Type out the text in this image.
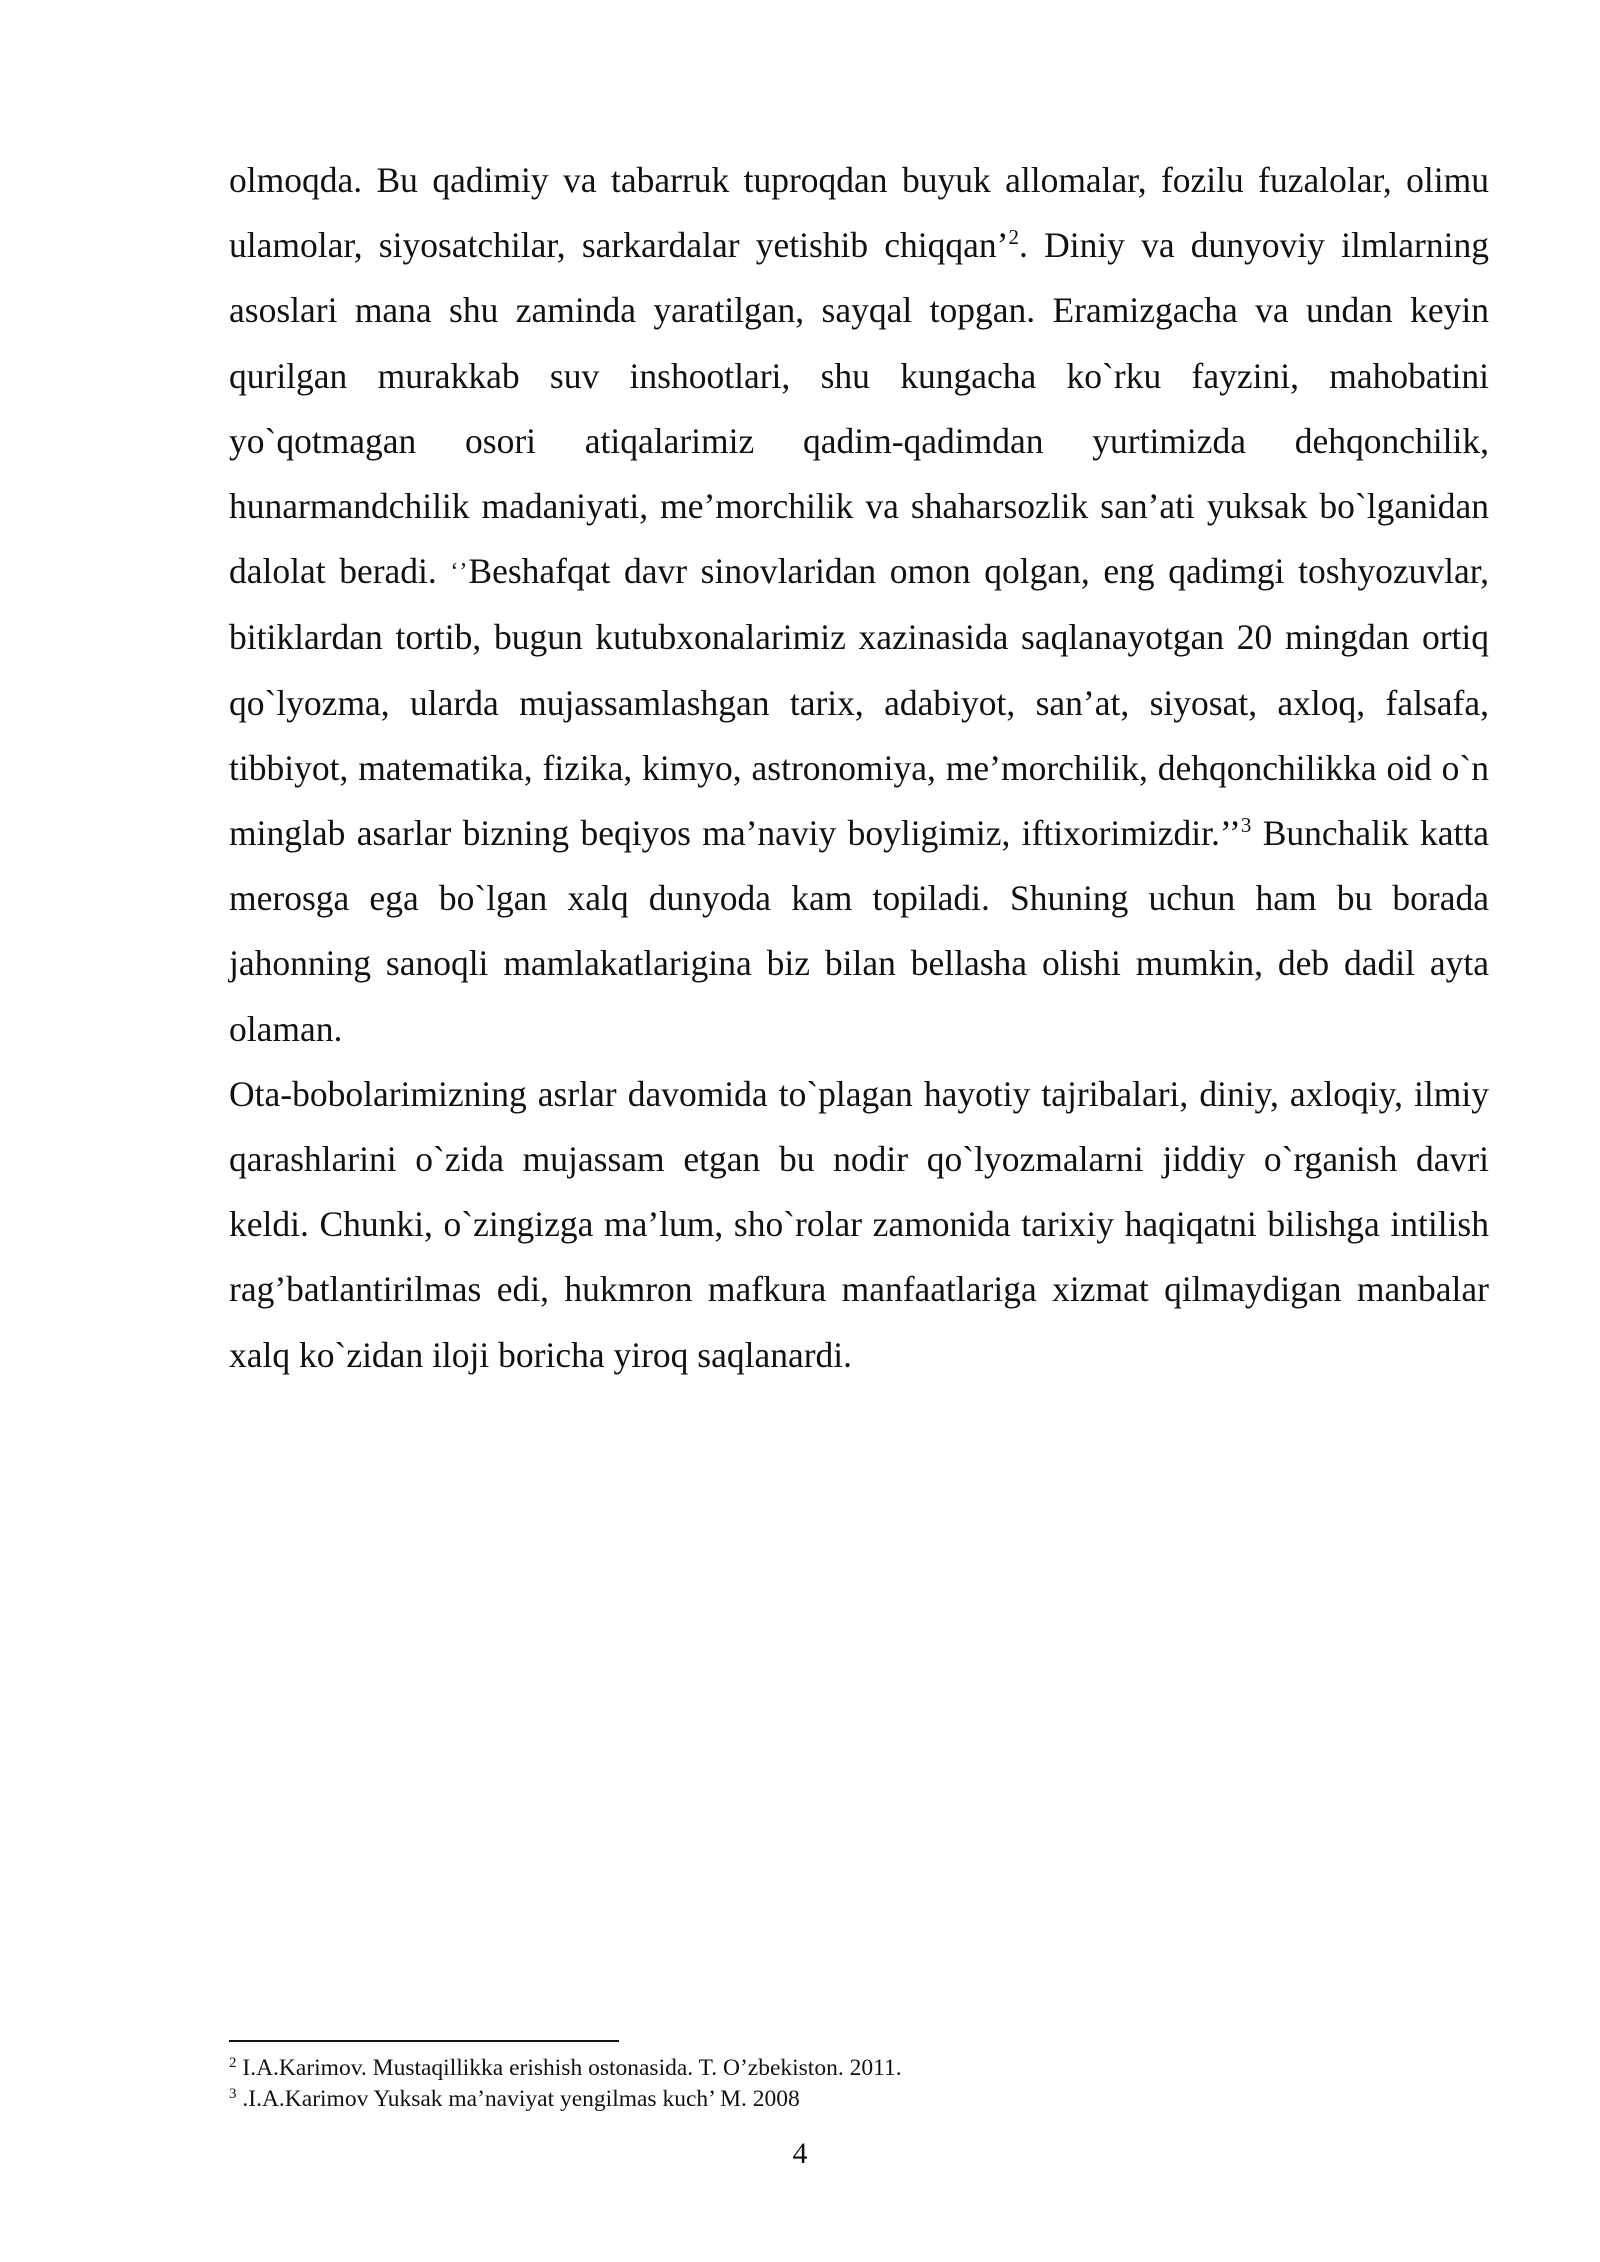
olmoqda. Bu qadimiy va tabarruk tuproqdan buyuk allomalar, fozilu fuzalolar, olimu ulamolar, siyosatchilar, sarkardalar yetishib chiqqan’$^2$. Diniy va dunyoviy ilmlarning asoslari mana shu zaminda yaratilgan, sayqal topgan. Eramizgacha va undan keyin qurilgan murakkab suv inshootlari, shu kungacha ko`rku fayzini, mahobatini yo`qotmagan osori atiqalarimiz qadim-qadimdan yurtimizda dehqonchilik, hunarmandchilik madaniyati, me’morchilik va shaharsozlik san’ati yuksak bo`lganidan dalolat beradi. ‘’Beshafqat davr sinovlaridan omon qolgan, eng qadimgi toshyozuvlar, bitiklardan tortib, bugun kutubxonalarimiz xazinasida saqlanayotgan 20 mingdan ortiq qo`lyozma, ularda mujassamlashgan tarix, adabiyot, san’at, siyosat, axloq, falsafa, tibbiyot, matematika, fizika, kimyo, astronomiya, me’morchilik, dehqonchilikka oid o`n minglab asarlar bizning beqiyos ma’naviy boyligimiz, iftixorimizdir.’’$^3$ Bunchalik katta merosga ega bo`lgan xalq dunyoda kam topiladi. Shuning uchun ham bu borada jahonning sanoqli mamlakatlarigina biz bilan bellasha olishi mumkin, deb dadil ayta olaman.

Ota-bobolarimizning asrlar davomida to`plagan hayotiy tajribalari, diniy, axloqiy, ilmiy qarashlarini o`zida mujassam etgan bu nodir qo`lyozmalarni jiddiy o`rganish davri keldi. Chunki, o`zingizga ma’lum, sho`rolar zamonida tarixiy haqiqatni bilishga intilish rag’batlantirilmas edi, hukmron mafkura manfaatlariga xizmat qilmaydigan manbalar xalq ko`zidan iloji boricha yiroq saqlanardi.

$^2$ I.A.Karimov. Mustaqillikka erishish ostonasida. T. O’zbekiston. 2011.
$^3$ .I.A.Karimov Yuksak ma’naviyat yengilmas kuch’ M. 2008
4
